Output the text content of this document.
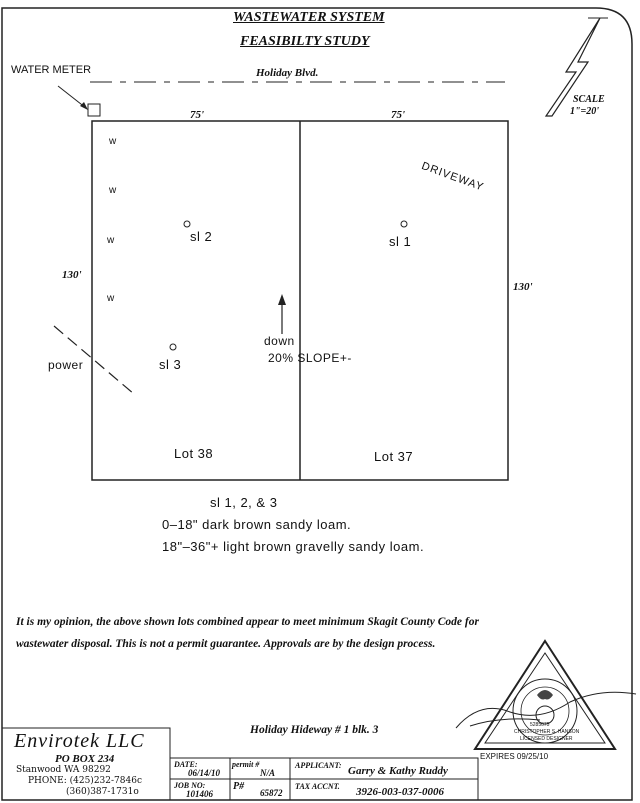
WASTEWATER SYSTEM
FEASIBILTY STUDY
Holiday Blvd.
WATER METER
SCALE
1"=20'
75'	75'
130'
130'
DRIVEWAY
w
w
w
w
sl 2
sl 3
sl 1
power
down
20% SLOPE+-
Lot 38	Lot 37
sl 1, 2, & 3
0–18" dark brown sandy loam.
18"–36"+ light brown gravelly sandy loam.
It is my opinion, the above shown lots combined appear to meet minimum Skagit County Code for
wastewater disposal. This is not a permit guarantee. Approvals are by the design process.
5285075
CHRISTOPHER S. HANSON
LICENSED DESIGNER
EXPIRES 09/25/10
Holiday Hideway # 1 blk. 3
Envirotek LLC
PO BOX 234
Stanwood WA 98292
PHONE: (425)232-7846c
(360)387-1731o
DATE:
06/14/10
permit #
N/A
APPLICANT: Garry & Kathy Ruddy
JOB NO:
101406
P#
65872
TAX ACCNT. 3926-003-037-0006
